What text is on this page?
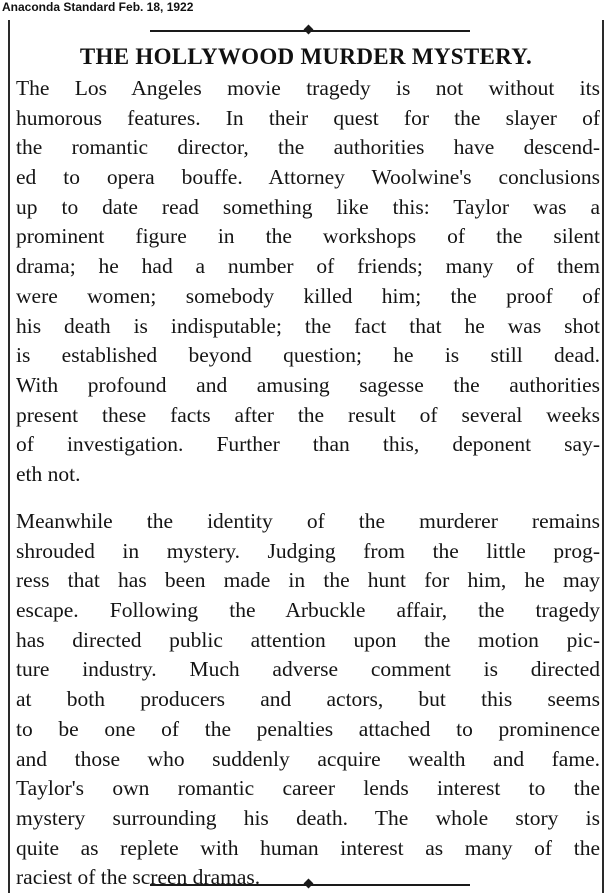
Anaconda Standard Feb. 18, 1922
THE HOLLYWOOD MURDER MYSTERY.
The Los Angeles movie tragedy is not without its
humorous features. In their quest for the slayer of
the romantic director, the authorities have descend-
ed to opera bouffe. Attorney Woolwine's conclusions
up to date read something like this: Taylor was a
prominent figure in the workshops of the silent
drama; he had a number of friends; many of them
were women; somebody killed him; the proof of
his death is indisputable; the fact that he was shot
is established beyond question; he is still dead.
With profound and amusing sagesse the authorities
present these facts after the result of several weeks
of investigation. Further than this, deponent say-
eth not.
Meanwhile the identity of the murderer remains
shrouded in mystery. Judging from the little prog-
ress that has been made in the hunt for him, he may
escape. Following the Arbuckle affair, the tragedy
has directed public attention upon the motion pic-
ture industry. Much adverse comment is directed
at both producers and actors, but this seems
to be one of the penalties attached to prominence
and those who suddenly acquire wealth and fame.
Taylor's own romantic career lends interest to the
mystery surrounding his death. The whole story is
quite as replete with human interest as many of the
raciest of the screen dramas.
